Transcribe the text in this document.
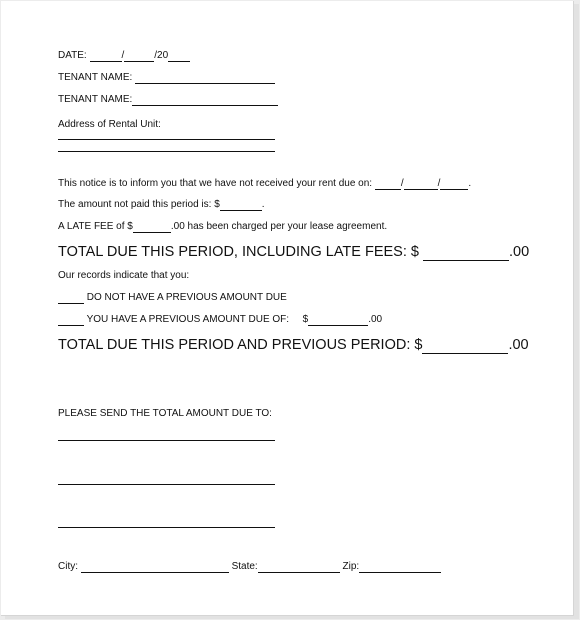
DATE:	/	/20
TENANT NAME:
TENANT NAME:
Address of Rental Unit:
This notice is to inform you that we have not received your rent due on:	/	/	.
The amount not paid this period is: $	.
A LATE FEE of $	.00 has been charged per your lease agreement.
TOTAL DUE THIS PERIOD, INCLUDING LATE FEES: $	.00
Our records indicate that you:
DO NOT HAVE A PREVIOUS AMOUNT DUE
YOU HAVE A PREVIOUS AMOUNT DUE OF: $	.00
TOTAL DUE THIS PERIOD AND PREVIOUS PERIOD: $	.00
PLEASE SEND THE TOTAL AMOUNT DUE TO:
City:	State:	Zip:
